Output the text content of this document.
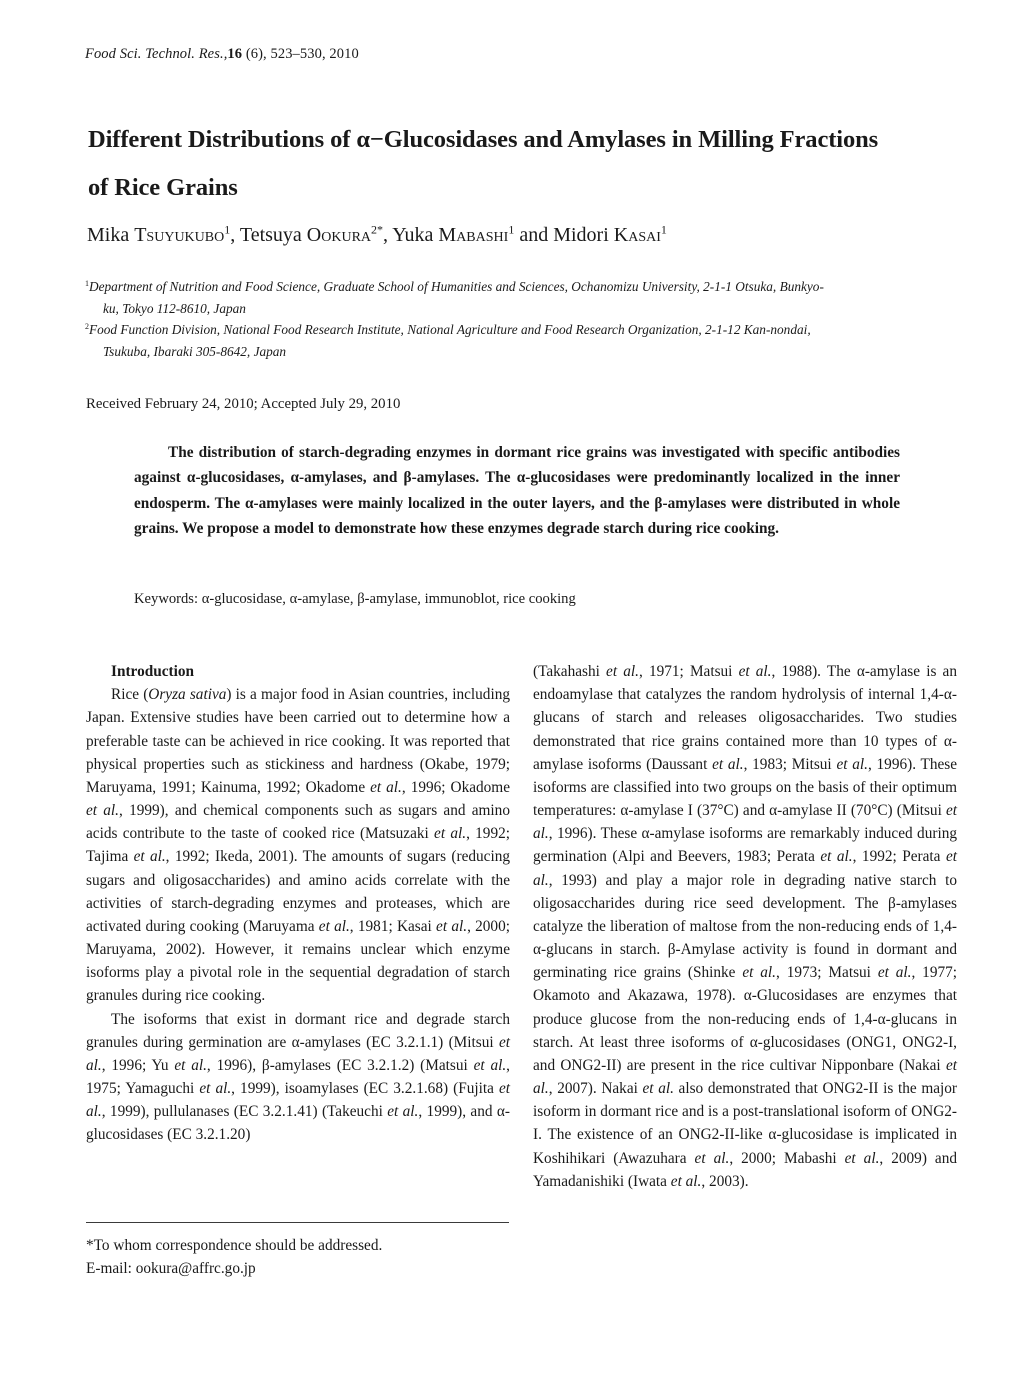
Food Sci. Technol. Res.,16 (6), 523–530, 2010
Different Distributions of α−Glucosidases and Amylases in Milling Fractions
of Rice Grains
Mika Tsuyukubo$^1$, Tetsuya Ookura$^{2*}$, Yuka Mabashi$^1$ and Midori Kasai$^1$
$^1$Department of Nutrition and Food Science, Graduate School of Humanities and Sciences, Ochanomizu University, 2-1-1 Otsuka, Bunkyo-
ku, Tokyo 112-8610, Japan
$^2$Food Function Division, National Food Research Institute, National Agriculture and Food Research Organization, 2-1-12 Kan-nondai,
Tsukuba, Ibaraki 305-8642, Japan
Received February 24, 2010; Accepted July 29, 2010
The distribution of starch-degrading enzymes in dormant rice grains was investigated with specific antibodies against α-glucosidases, α-amylases, and β-amylases. The α-glucosidases were predominantly localized in the inner endosperm. The α-amylases were mainly localized in the outer layers, and the β-amylases were distributed in whole grains. We propose a model to demonstrate how these enzymes degrade starch during rice cooking.
Keywords: α-glucosidase, α-amylase, β-amylase, immunoblot, rice cooking

Introduction

Rice (Oryza sativa) is a major food in Asian countries, including Japan. Extensive studies have been carried out to determine how a preferable taste can be achieved in rice cooking. It was reported that physical properties such as stickiness and hardness (Okabe, 1979; Maruyama, 1991; Kainuma, 1992; Okadome et al., 1996; Okadome et al., 1999), and chemical components such as sugars and amino acids contribute to the taste of cooked rice (Matsuzaki et al., 1992; Tajima et al., 1992; Ikeda, 2001). The amounts of sugars (reducing sugars and oligosaccharides) and amino acids correlate with the activities of starch-degrading enzymes and proteases, which are activated during cooking (Maruyama et al., 1981; Kasai et al., 2000; Maruyama, 2002). However, it remains unclear which enzyme isoforms play a pivotal role in the sequential degradation of starch granules during rice cooking.

The isoforms that exist in dormant rice and degrade starch granules during germination are α-amylases (EC 3.2.1.1) (Mitsui et al., 1996; Yu et al., 1996), β-amylases (EC 3.2.1.2) (Matsui et al., 1975; Yamaguchi et al., 1999), isoamylases (EC 3.2.1.68) (Fujita et al., 1999), pullulanases (EC 3.2.1.41) (Takeuchi et al., 1999), and α-glucosidases (EC 3.2.1.20)

(Takahashi et al., 1971; Matsui et al., 1988). The α-amylase is an endoamylase that catalyzes the random hydrolysis of internal 1,4-α-glucans of starch and releases oligosaccharides. Two studies demonstrated that rice grains contained more than 10 types of α-amylase isoforms (Daussant et al., 1983; Mitsui et al., 1996). These isoforms are classified into two groups on the basis of their optimum temperatures: α-amylase I (37°C) and α-amylase II (70°C) (Mitsui et al., 1996). These α-amylase isoforms are remarkably induced during germination (Alpi and Beevers, 1983; Perata et al., 1992; Perata et al., 1993) and play a major role in degrading native starch to oligosaccharides during rice seed development. The β-amylases catalyze the liberation of maltose from the non-reducing ends of 1,4-α-glucans in starch. β-Amylase activity is found in dormant and germinating rice grains (Shinke et al., 1973; Matsui et al., 1977; Okamoto and Akazawa, 1978). α-Glucosidases are enzymes that produce glucose from the non-reducing ends of 1,4-α-glucans in starch. At least three isoforms of α-glucosidases (ONG1, ONG2-I, and ONG2-II) are present in the rice cultivar Nipponbare (Nakai et al., 2007). Nakai et al. also demonstrated that ONG2-II is the major isoform in dormant rice and is a post-translational isoform of ONG2-I. The existence of an ONG2-II-like α-glucosidase is implicated in Koshihikari (Awazuhara et al., 2000; Mabashi et al., 2009) and Yamadanishiki (Iwata et al., 2003).

*To whom correspondence should be addressed.
E-mail: ookura@affrc.go.jp
